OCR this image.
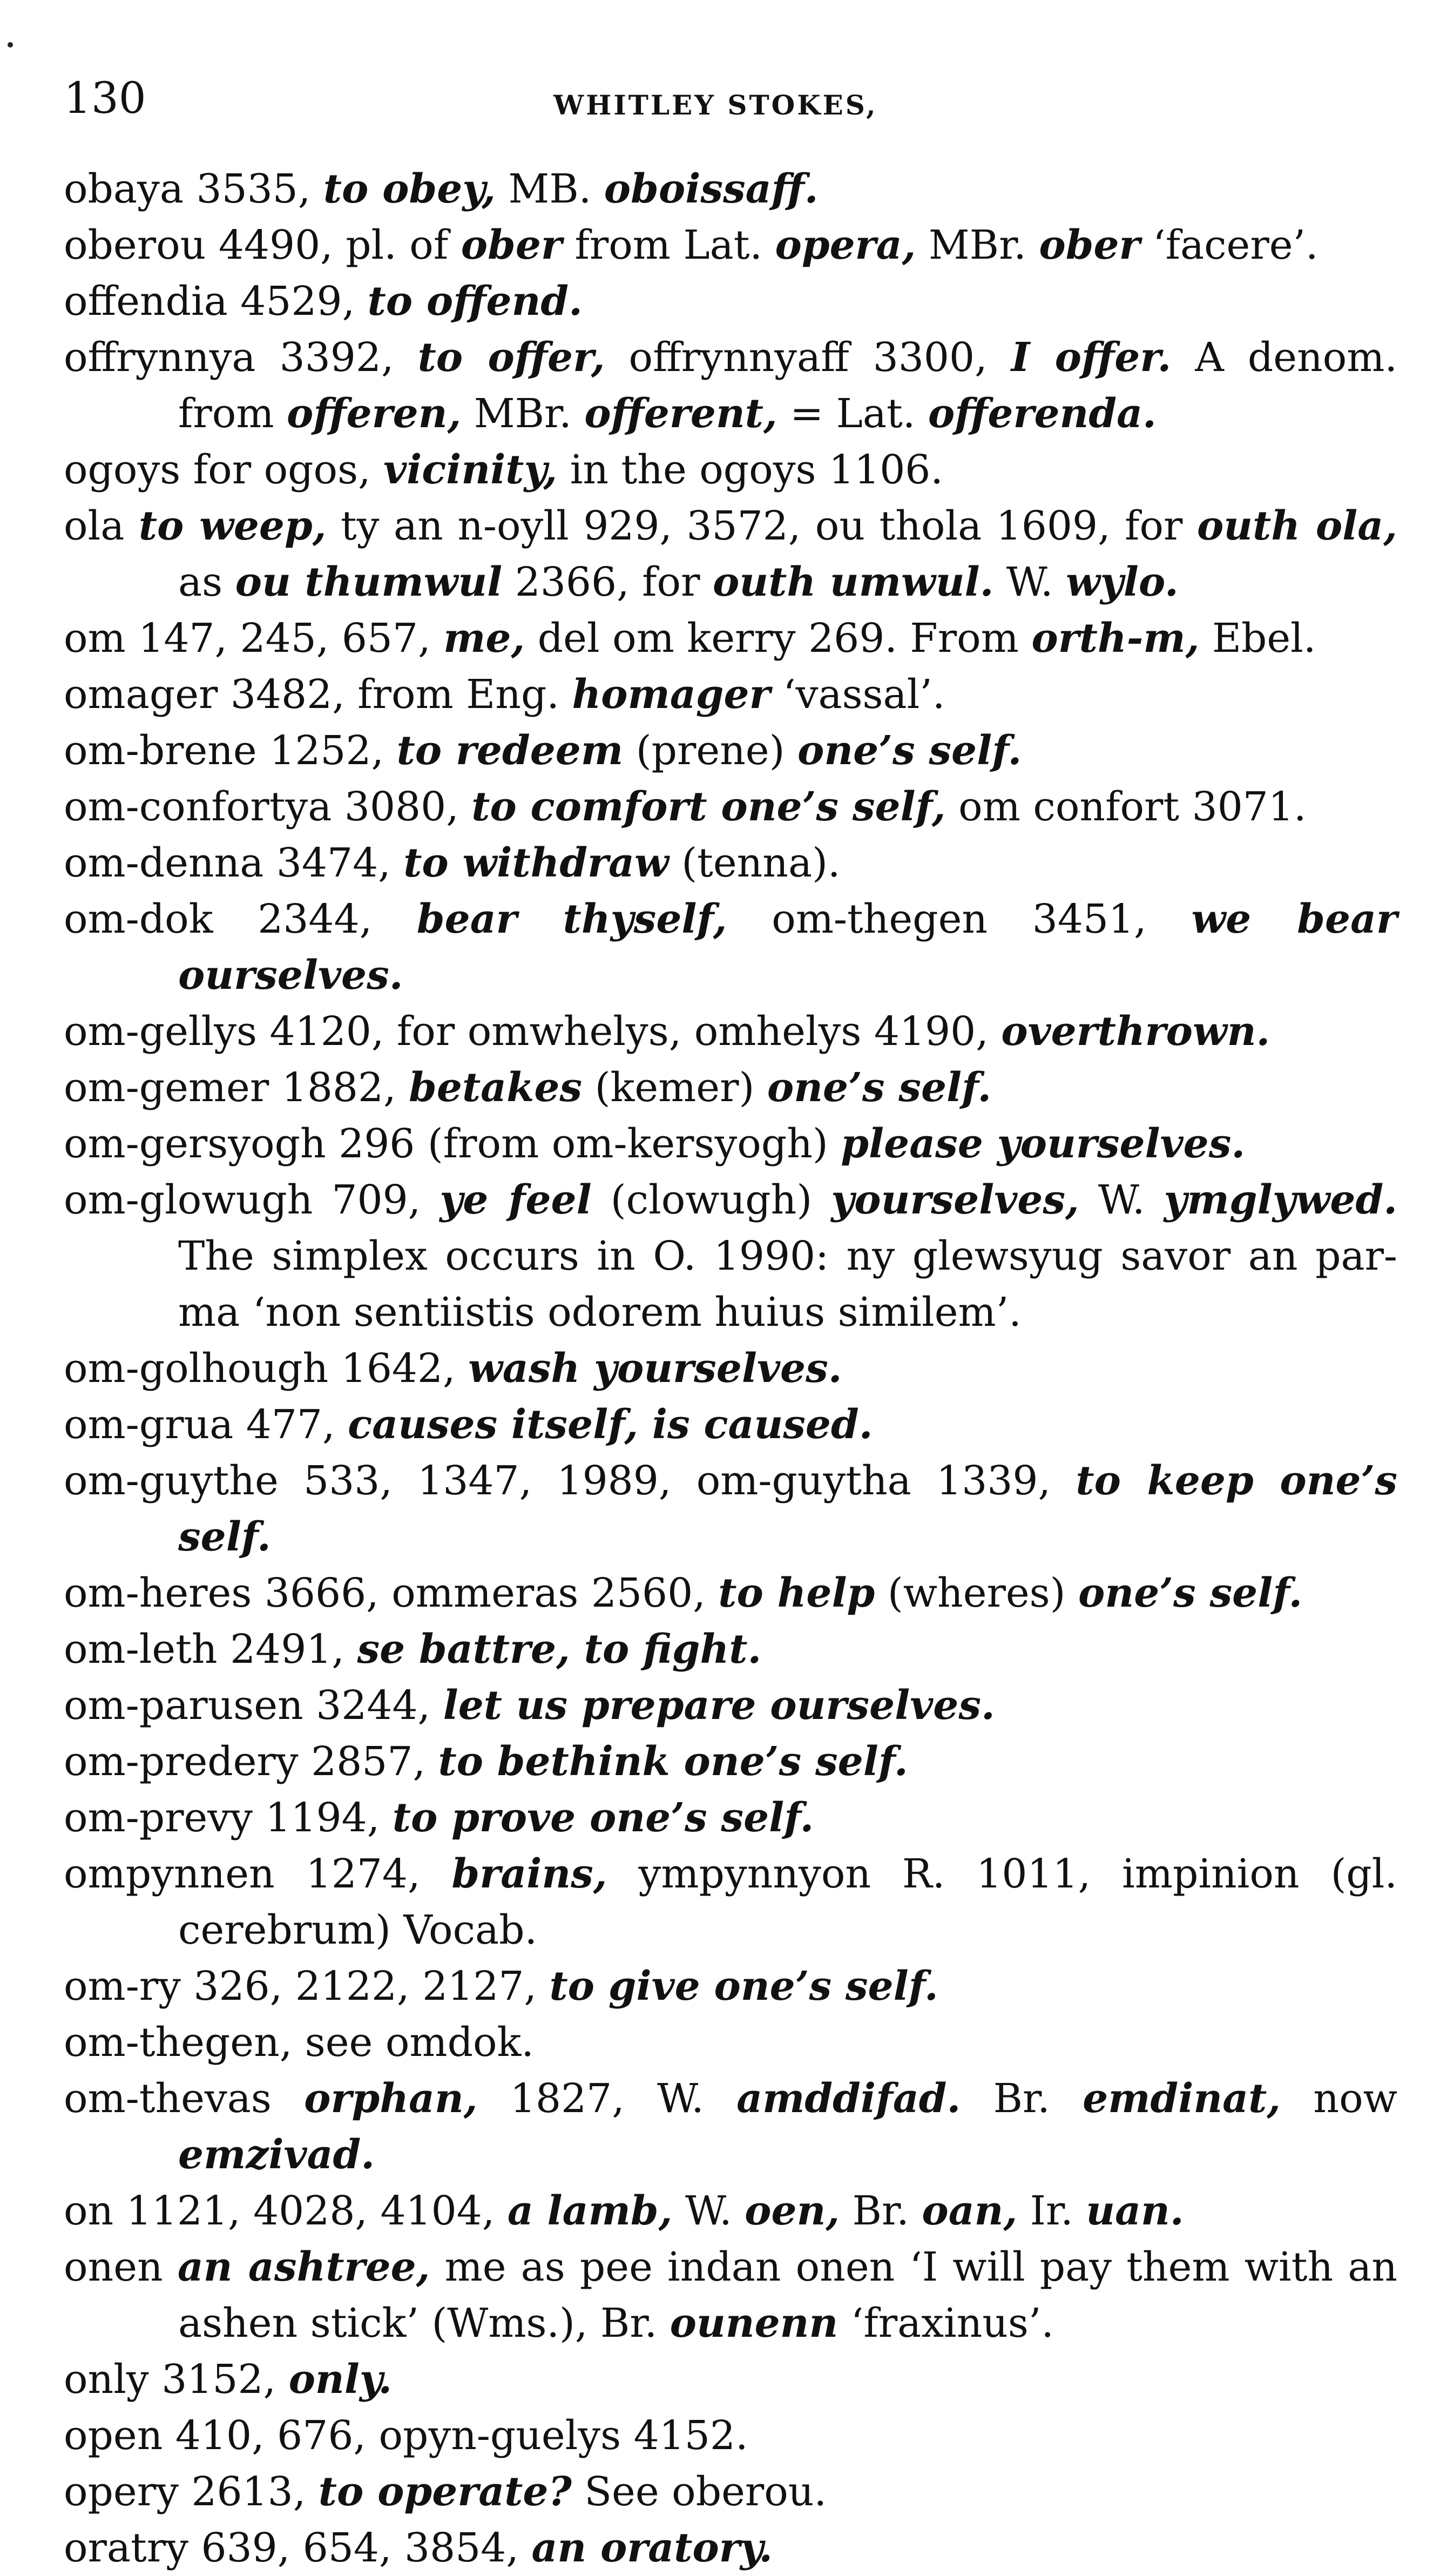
130	WHITLEY STOKES,
obaya 3535, to obey, MB. oboissaff.
oberou 4490, pl. of ober from Lat. opera, MBr. ober ‘facere’.
offendia 4529, to offend.
offrynnya 3392, to offer, offrynnyaff 3300, I offer. A denom. from offeren, MBr. offerent, = Lat. offerenda.
ogoys for ogos, vicinity, in the ogoys 1106.
ola to weep, ty an n-oyll 929, 3572, ou thola 1609, for outh ola, as ou thumwul 2366, for outh umwul. W. wylo.
om 147, 245, 657, me, del om kerry 269. From orth-m, Ebel.
omager 3482, from Eng. homager ‘vassal’.
om-brene 1252, to redeem (prene) one’s self.
om-confortya 3080, to comfort one’s self, om confort 3071.
om-denna 3474, to withdraw (tenna).
om-dok 2344, bear thyself, om-thegen 3451, we bear ourselves.
om-gellys 4120, for omwhelys, omhelys 4190, overthrown.
om-gemer 1882, betakes (kemer) one’s self.
om-gersyogh 296 (from om-kersyogh) please yourselves.
om-glowugh 709, ye feel (clowugh) yourselves, W. ymglywed. The simplex occurs in O. 1990: ny glewsyug savor an par-ma ‘non sentiistis odorem huius similem’.
om-golhough 1642, wash yourselves.
om-grua 477, causes itself, is caused.
om-guythe 533, 1347, 1989, om-guytha 1339, to keep one’s self.
om-heres 3666, ommeras 2560, to help (wheres) one’s self.
om-leth 2491, se battre, to fight.
om-parusen 3244, let us prepare ourselves.
om-predery 2857, to bethink one’s self.
om-prevy 1194, to prove one’s self.
ompynnen 1274, brains, ympynnyon R. 1011, impinion (gl. cerebrum) Vocab.
om-ry 326, 2122, 2127, to give one’s self.
om-thegen, see omdok.
om-thevas orphan, 1827, W. amddifad. Br. emdinat, now emzivad.
on 1121, 4028, 4104, a lamb, W. oen, Br. oan, Ir. uan.
onen an ashtree, me as pee indan onen ‘I will pay them with an ashen stick’ (Wms.), Br. ounenn ‘fraxinus’.
only 3152, only.
open 410, 676, opyn-guelys 4152.
opery 2613, to operate? See oberou.
oratry 639, 654, 3854, an oratory.
